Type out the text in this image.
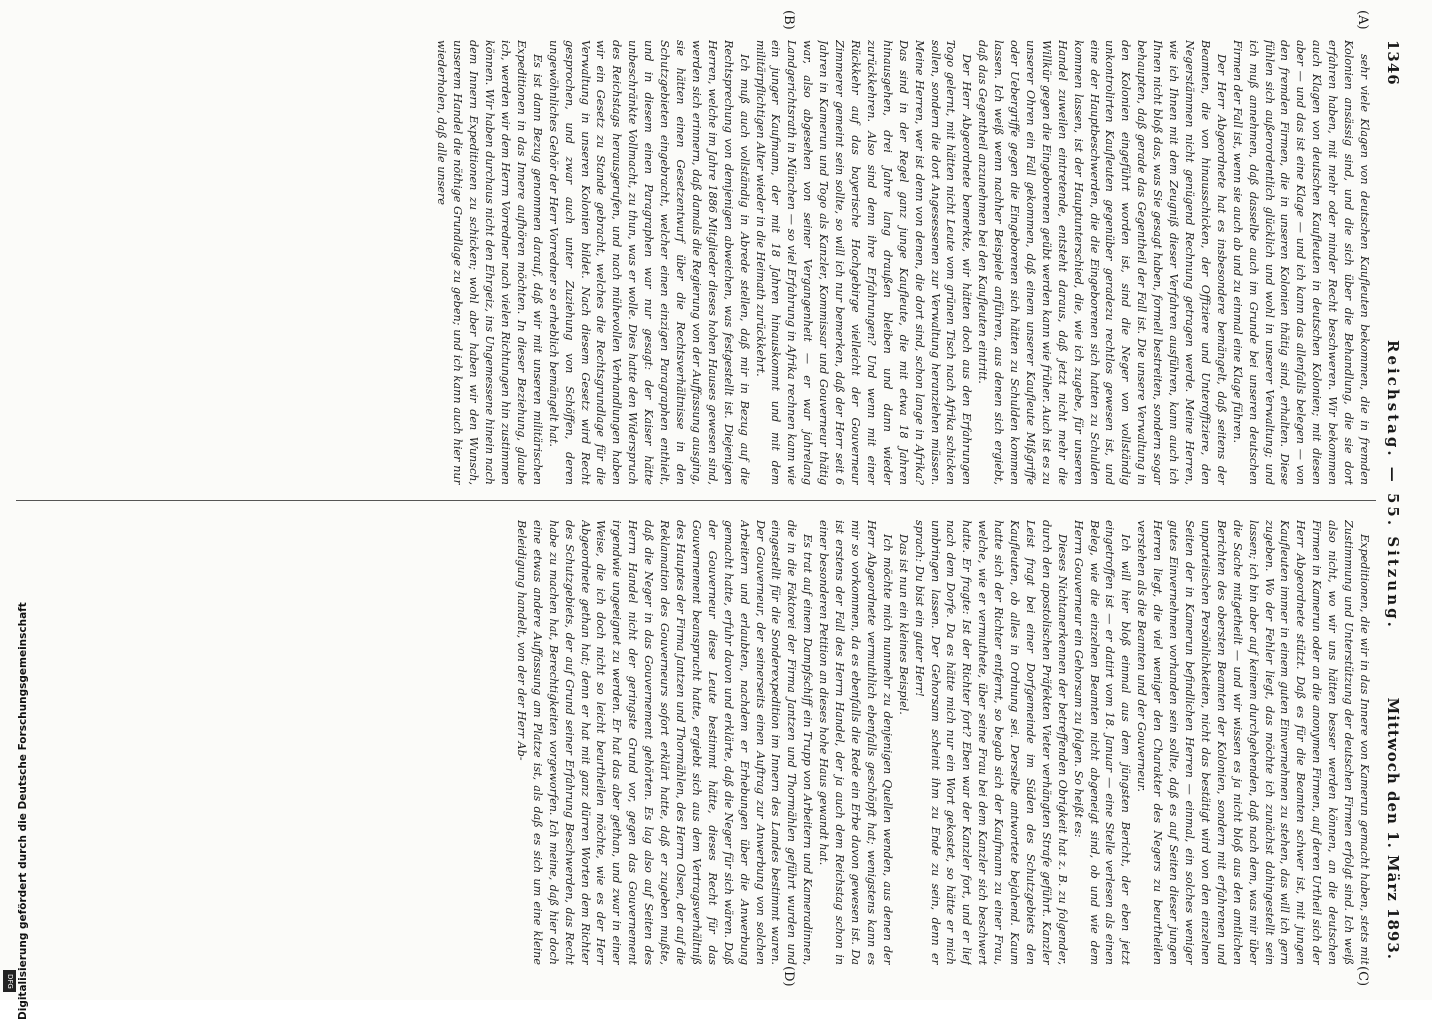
1346
Reichstag. — 55. Sitzung.
Mittwoch den 1. März 1893.
(A)
(B)
(C)
(D)

sehr viele Klagen von deutschen Kaufleuten bekommen, die in fremden Kolonien ansässig sind, und die sich über die Behandlung, die sie dort erfahren haben, mit mehr oder minder Recht beschweren. Wir bekommen auch Klagen von deutschen Kaufleuten in deutschen Kolonien; mit diesen aber — und das ist eine Klage — und ich kann das allenfalls belegen — von den fremden Firmen, die in unseren Kolonien thätig sind, erhalten. Diese fühlen sich außerordentlich glücklich und wohl in unserer Verwaltung; und ich muß annehmen, daß dasselbe auch im Grunde bei unseren deutschen Firmen der Fall ist, wenn sie auch ab und zu einmal eine Klage führen.

Der Herr Abgeordnete hat es insbesondere bemängelt, daß seitens der Beamten, die von hinausschicken, der Offiziere und Unteroffiziere, den Negerstämmen nicht genügend Rechnung getragen werde. Meine Herren, wie ich Ihnen mit dem Zeugniß dieser Verfahren ausführen, kann auch ich Ihnen nicht bloß das, was Sie gesagt haben, formell bestreiten, sondern sogar behaupten, daß gerade das Gegentheil der Fall ist. Die unsere Verwaltung in den Kolonien eingeführt worden ist, sind die Neger von vollständig unkontrolirten Kaufleuten gegenüber geradezu rechtlos gewesen ist, und eine der Hauptbeschwerden, die die Eingeborenen sich hatten zu Schulden kommen lassen, ist der Hauptunterschied, die, wie ich zugebe, für unseren Handel zuweilen eintretende, entsteht daraus, daß jetzt nicht mehr die Willkür gegen die Eingeborenen geübt werden kann wie früher. Auch ist es zu unserer Ohren ein Fall gekommen, daß einem unserer Kaufleute Mißgriffe oder Uebergriffe gegen die Eingeborenen sich hätten zu Schulden kommen lassen. Ich weiß wenn nachher Beispiele anführen, aus denen sich ergiebt, daß das Gegentheil anzunehmen bei den Kaufleuten eintritt.

Der Herr Abgeordnete bemerkte, wir hätten doch aus den Erfahrungen Togo gelernt, mit hätten nicht Leute vom grünen Tisch nach Afrika schicken sollen, sondern die dort Angesessenen zur Verwaltung heranziehen müssen. Meine Herren, wer ist denn von denen, die dort sind, schon lange in Afrika? Das sind in der Regel ganz junge Kaufleute, die mit etwa 18 Jahren hinausgehen, drei Jahre lang draußen bleiben und dann wieder zurückkehren. Also sind denn ihre Erfahrungen? Und wenn mit einer Rückkehr auf das bayerische Hochgebirge vielleicht der Gouverneur Zimmerer gemeint sein sollte, so will ich nur bemerken, daß der Herr seit 6 Jahren in Kamerun und Togo als Kanzler, Kommissar und Gouverneur thätig war, also abgesehen von seiner Vergangenheit — er war jahrelang Landgerichtsrath in München — so viel Erfahrung in Afrika rechnen kann wie ein junger Kaufmann, der mit 18 Jahren hinauskommt und mit dem militärpflichtigen Alter wieder in die Heimath zurückkehrt.

Ich muß auch vollständig in Abrede stellen, daß mir in Bezug auf die Rechtsprechung von demjenigen abweichen, was festgestellt ist. Diejenigen Herren, welche im Jahre 1886 Mitglieder dieses hohen Hauses gewesen sind, werden sich erinnern, daß damals die Regierung von der Auffassung ausging, sie hätten einen Gesetzentwurf über die Rechtsverhältnisse in den Schutzgebieten eingebracht, welcher einen einzigen Paragraphen enthielt, und in diesem einen Paragraphen war nur gesagt: der Kaiser hätte unbeschränkte Vollmacht, zu thun, was er wolle. Dies hatte den Widerspruch des Reichstags herausgerufen, und nach mühevollen Verhandlungen haben wir ein Gesetz zu Stande gebracht, welches die Rechtsgrundlage für die Verwaltung in unseren Kolonien bildet. Nach diesem Gesetz wird Recht gesprochen, und zwar auch unter Zuziehung von Schöffen, deren ungewöhnliches Gehör der Herr Vorredner so erheblich bemängelt hat.

Es ist dann Bezug genommen darauf, daß wir mit unseren militärischen Expeditionen in das Innere aufhören möchten. In dieser Beziehung, glaube ich, werden wir dem Herrn Vorredner nach vielen Richtungen hin zustimmen können. Wir haben durchaus nicht den Ehrgeiz, ins Ungemessene hinein nach dem Innern Expeditionen zu schicken; wohl aber haben wir den Wunsch, unserem Handel die nöthige Grundlage zu geben; und ich kann auch hier nur wiederholen, daß alle unsere

Expeditionen, die wir in das Innere von Kamerun gemacht haben, stets mit Zustimmung und Unterstützung der deutschen Firmen erfolgt sind. Ich weiß also nicht, wo wir uns hätten besser werden können, an die deutschen Firmen in Kamerun oder an die anonymen Firmen, auf deren Urtheil sich der Herr Abgeordnete stützt. Daß es für die Beamten schwer ist, mit jungen Kaufleuten immer in einem guten Einvernehmen zu stehen, das will ich gern zugeben. Wo der Fehler liegt, das möchte ich zunächst dahingestellt sein lassen; ich bin aber auf keinem durchgehenden, daß nach dem, was mir über die Sache mitgetheilt — und wir wissen es ja nicht bloß aus den amtlichen Berichten des obersten Beamten der Kolonien, sondern mit erfahrenen und unparteiischen Persönlichkeiten, nicht das bestätigt wird von den einzelnen Seiten der in Kamerun befindlichen Herren — einmal, ein solches weniger gutes Einvernehmen vorhanden sein sollte, daß es auf Seiten dieser jungen Herren liegt, die viel weniger den Charakter des Negers zu beurtheilen verstehen als die Beamten und der Gouverneur.

Ich will hier bloß einmal aus dem jüngsten Bericht, der eben jetzt eingetroffen ist — er datirt vom 18. Januar — eine Stelle verlesen als einen Beleg, wie die einzelnen Beamten nicht abgeneigt sind, ob und wie dem Herrn Gouverneur ein Gehorsam zu folgen. So heißt es:

Dieses Nichtanerkennen der betreffenden Obrigkeit hat z. B. zu folgender, durch den apostolischen Präfekten Vieter verhängten Strafe geführt. Kanzler Leist fragt bei einer Dorfgemeinde im Süden des Schutzgebiets den Kaufleuten, ob alles in Ordnung sei. Derselbe antwortete bejahend. Kaum hatte sich der Richter entfernt, so begab sich der Kaufmann zu einer Frau, welche, wie er vermuthete, über seine Frau bei dem Kanzler sich beschwert hatte. Er fragte: Ist der Richter fort? Eben war der Kanzler fort, und er lief nach dem Dorfe. Da es hätte mich nur ein Wort gekostet, so hätte er mich umbringen lassen. Der Gehorsam scheint ihm zu Ende zu sein, denn er sprach: Du bist ein guter Herr!

Das ist nun ein kleines Beispiel.

Ich möchte mich nunmehr zu denjenigen Quellen wenden, aus denen der Herr Abgeordnete vermuthlich ebenfalls geschöpft hat; wenigstens kann es mir so vorkommen, da es ebenfalls die Rede ein Erbe davon gewesen ist. Da ist erstens der Fall des Herrn Handel, der ja auch dem Reichstag schon in einer besonderen Petition an dieses hohe Haus gewandt hat.

Es trat auf einem Dampfschiff ein Trupp von Arbeitern und Kameradinnen, die in die Faktorei der Firma Jantzen und Thormählen geführt wurden und eingestellt für die Sonderexpedition im Innern des Landes bestimmt waren. Der Gouverneur, der seinerseits einen Auftrag zur Anwerbung von solchen Arbeitern und erlaubten, nachdem er Erhebungen über die Anwerbung gemacht hatte, erfuhr davon und erklärte, daß die Neger für sich wären. Daß der Gouverneur diese Leute bestimmt hätte, dieses Recht für das Gouvernement beansprucht hatte, ergiebt sich aus dem Vertragsverhältniß des Hauptes der Firma Jantzen und Thormählen, des Herrn Olsen, der auf die Reklamation des Gouverneurs sofort erklärt hatte, daß er zugeben mußte, daß die Neger in das Gouvernement gehörten. Es lag also auf Seiten des Herrn Handel nicht der geringste Grund vor, gegen das Gouvernement irgendwie ungeeignet zu werden. Er hat das aber gethan, und zwar in einer Weise, die ich doch nicht so leicht beurtheilen möchte, wie es der Herr Abgeordnete gethan hat; denn er hat mit ganz dürren Worten dem Richter des Schutzgebiets, der auf Grund seiner Erfahrung Beschwerden, das Recht habe zu machen hat, Berechtigkeiten vorgeworfen. Ich meine, daß hier doch eine etwas andere Auffassung am Platze ist, als daß es sich um eine kleine Beleidigung handelt, von der der Herr Ab-

Digitalisierung gefördert durch die Deutsche Forschungsgemeinschaft
DFG
